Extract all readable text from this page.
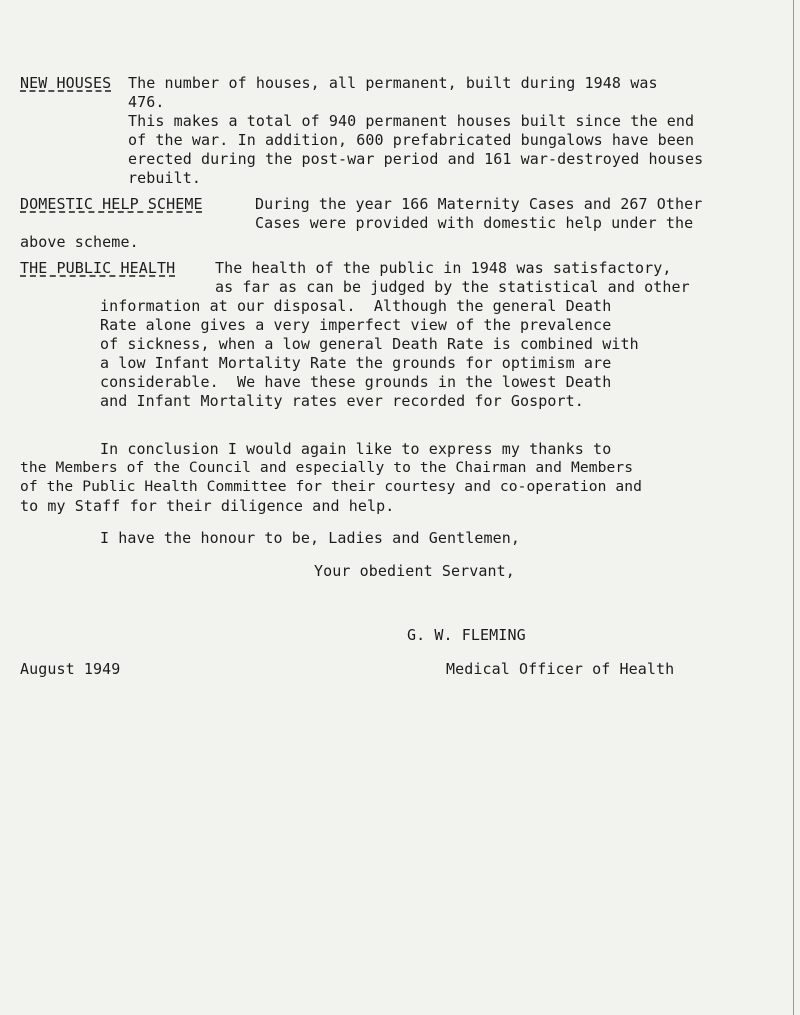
NEW HOUSES The number of houses, all permanent, built during 1948 was
476.
This makes a total of 940 permanent houses built since the end
of the war. In addition, 600 prefabricated bungalows have been
erected during the post-war period and 161 war-destroyed houses
rebuilt.
DOMESTIC HELP SCHEME	During the year 166 Maternity Cases and 267 Other
Cases were provided with domestic help under the
above scheme.
THE PUBLIC HEALTH	The health of the public in 1948 was satisfactory,
as far as can be judged by the statistical and other
information at our disposal.  Although the general Death
Rate alone gives a very imperfect view of the prevalence
of sickness, when a low general Death Rate is combined with
a low Infant Mortality Rate the grounds for optimism are
considerable.  We have these grounds in the lowest Death
and Infant Mortality rates ever recorded for Gosport.
In conclusion I would again like to express my thanks to
the Members of the Council and especially to the Chairman and Members
of the Public Health Committee for their courtesy and co-operation and
to my Staff for their diligence and help.
I have the honour to be, Ladies and Gentlemen,
Your obedient Servant,
G. W. FLEMING
August 1949	Medical Officer of Health
